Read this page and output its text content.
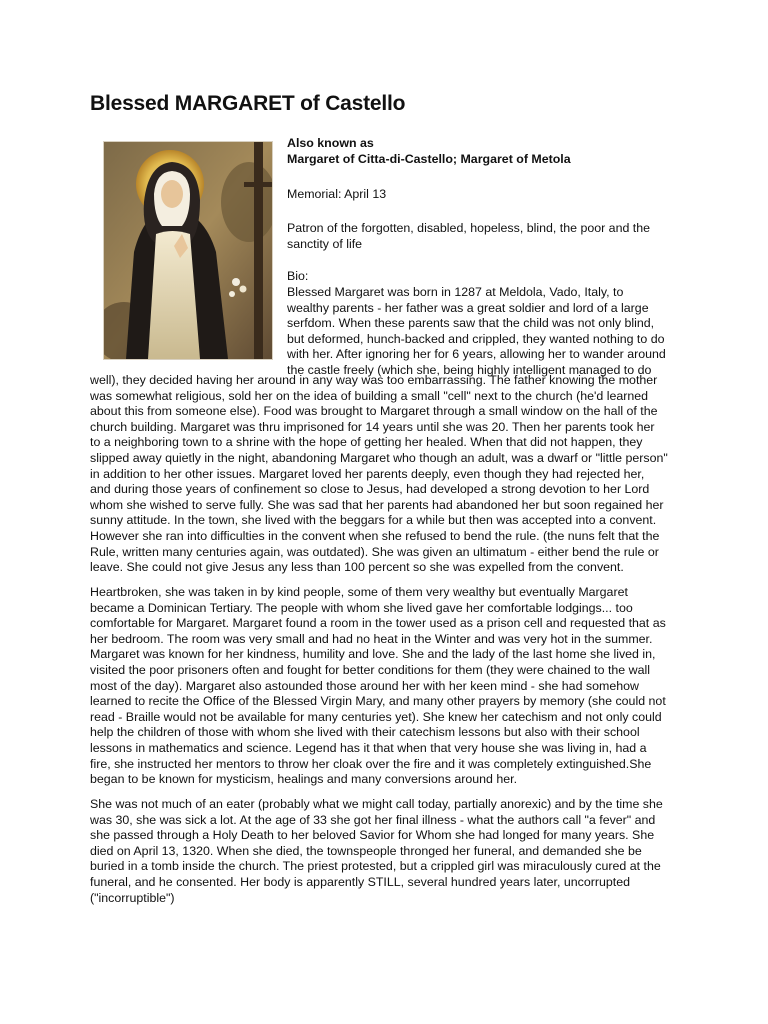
Blessed MARGARET of Castello
Also known as
Margaret of Citta-di-Castello; Margaret of Metola
Memorial: April 13

Patron of the forgotten, disabled, hopeless, blind, the poor and the sanctity of life

Bio:
Blessed Margaret was born in 1287 at Meldola, Vado, Italy, to
wealthy parents - her father was a great soldier and lord of a large
serfdom. When these parents saw that the child was not only blind,
but deformed, hunch-backed and crippled, they wanted nothing to do
with her. After ignoring her for 6 years, allowing her to wander around
the castle freely (which she, being highly intelligent managed to do
well), they decided having her around in any way was too embarrassing. The father knowing the mother
was somewhat religious, sold her on the idea of building a small "cell" next to the church (he'd learned
about this from someone else). Food was brought to Margaret through a small window on the hall of the
church building. Margaret was thru imprisoned for 14 years until she was 20. Then her parents took her
to a neighboring town to a shrine with the hope of getting her healed. When that did not happen, they
slipped away quietly in the night, abandoning Margaret who though an adult, was a dwarf or "little person"
in addition to her other issues. Margaret loved her parents deeply, even though they had rejected her,
and during those years of confinement so close to Jesus, had developed a strong devotion to her Lord
whom she wished to serve fully. She was sad that her parents had abandoned her but soon regained her
sunny attitude. In the town, she lived with the beggars for a while but then was accepted into a convent.
However she ran into difficulties in the convent when she refused to bend the rule. (the nuns felt that the
Rule, written many centuries again, was outdated). She was given an ultimatum - either bend the rule or
leave. She could not give Jesus any less than 100 percent so she was expelled from the convent.
Heartbroken, she was taken in by kind people, some of them very wealthy but eventually Margaret
became a Dominican Tertiary. The people with whom she lived gave her comfortable lodgings... too
comfortable for Margaret. Margaret found a room in the tower used as a prison cell and requested that as
her bedroom. The room was very small and had no heat in the Winter and was very hot in the summer.
Margaret was known for her kindness, humility and love. She and the lady of the last home she lived in,
visited the poor prisoners often and fought for better conditions for them (they were chained to the wall
most of the day). Margaret also astounded those around her with her keen mind - she had somehow
learned to recite the Office of the Blessed Virgin Mary, and many other prayers by memory (she could not
read - Braille would not be available for many centuries yet). She knew her catechism and not only could
help the children of those with whom she lived with their catechism lessons but also with their school
lessons in mathematics and science. Legend has it that when that very house she was living in, had a
fire, she instructed her mentors to throw her cloak over the fire and it was completely extinguished.She
began to be known for mysticism, healings and many conversions around her.
She was not much of an eater (probably what we might call today, partially anorexic) and by the time she
was 30, she was sick a lot. At the age of 33 she got her final illness - what the authors call "a fever" and
she passed through a Holy Death to her beloved Savior for Whom she had longed for many years. She
died on April 13, 1320. When she died, the townspeople thronged her funeral, and demanded she be
buried in a tomb inside the church. The priest protested, but a crippled girl was miraculously cured at the
funeral, and he consented. Her body is apparently STILL, several hundred years later, uncorrupted
("incorruptible")
